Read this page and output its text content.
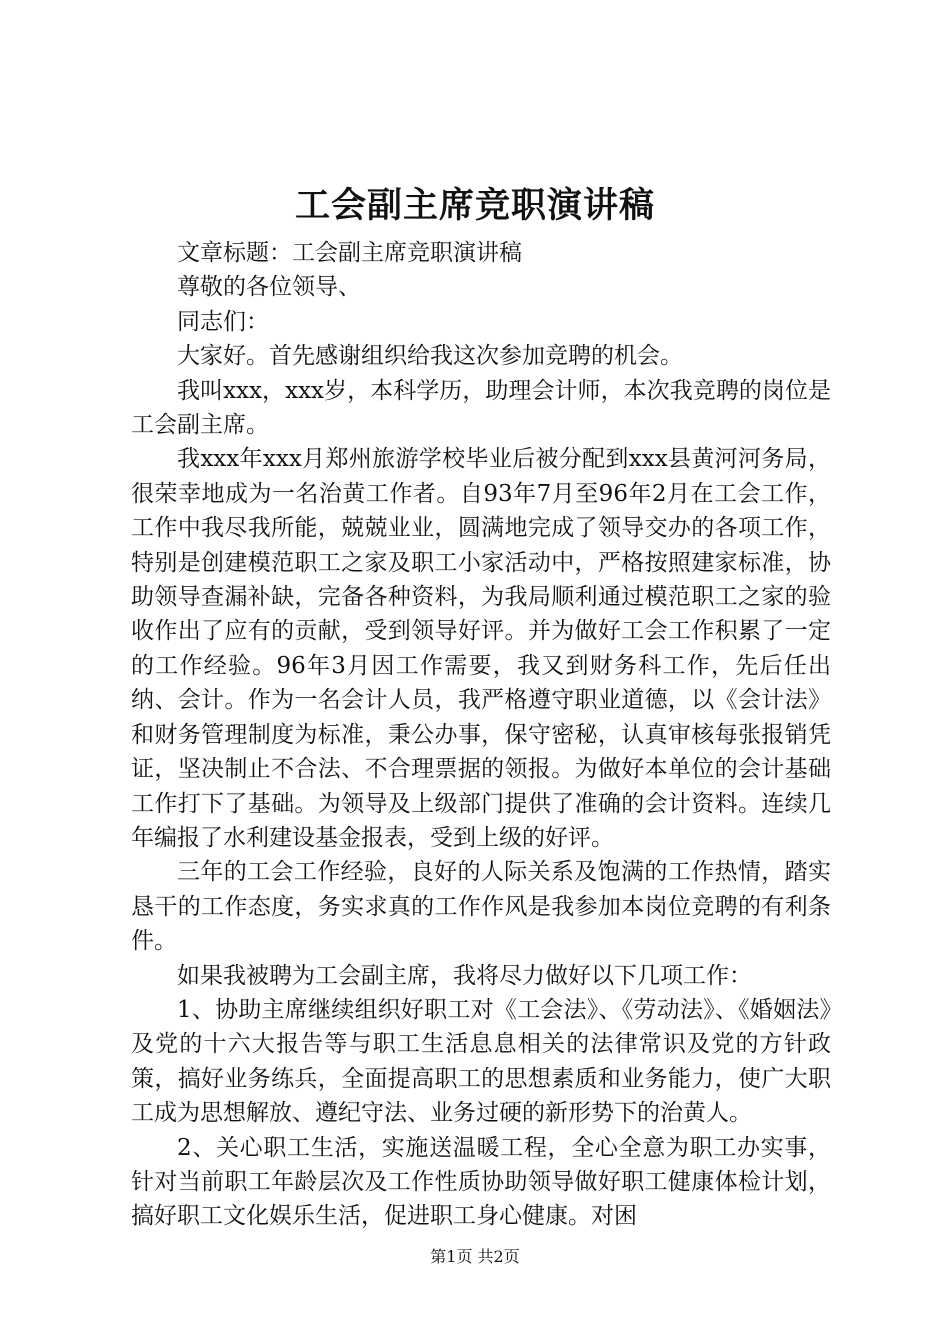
工会副主席竞职演讲稿

文章标题：工会副主席竞职演讲稿

尊敬的各位领导、

同志们：

大家好。首先感谢组织给我这次参加竞聘的机会。

我叫xxx，xxx岁，本科学历，助理会计师，本次我竞聘的岗位是工会副主席。

我xxx年xxx月郑州旅游学校毕业后被分配到xxx县黄河河务局，很荣幸地成为一名治黄工作者。自93年7月至96年2月在工会工作，工作中我尽我所能，兢兢业业，圆满地完成了领导交办的各项工作，特别是创建模范职工之家及职工小家活动中，严格按照建家标准，协助领导查漏补缺，完备各种资料，为我局顺利通过模范职工之家的验收作出了应有的贡献，受到领导好评。并为做好工会工作积累了一定的工作经验。96年3月因工作需要，我又到财务科工作，先后任出纳、会计。作为一名会计人员，我严格遵守职业道德，以《会计法》和财务管理制度为标准，秉公办事，保守密秘，认真审核每张报销凭证，坚决制止不合法、不合理票据的领报。为做好本单位的会计基础工作打下了基础。为领导及上级部门提供了准确的会计资料。连续几年编报了水利建设基金报表，受到上级的好评。

三年的工会工作经验，良好的人际关系及饱满的工作热情，踏实恳干的工作态度，务实求真的工作作风是我参加本岗位竞聘的有利条件。

如果我被聘为工会副主席，我将尽力做好以下几项工作：

1、协助主席继续组织好职工对《工会法》、《劳动法》、《婚姻法》及党的十六大报告等与职工生活息息相关的法律常识及党的方针政策，搞好业务练兵，全面提高职工的思想素质和业务能力，使广大职工成为思想解放、遵纪守法、业务过硬的新形势下的治黄人。

2、关心职工生活，实施送温暖工程，全心全意为职工办实事，针对当前职工年龄层次及工作性质协助领导做好职工健康体检计划，搞好职工文化娱乐生活，促进职工身心健康。对困

第1页 共2页
